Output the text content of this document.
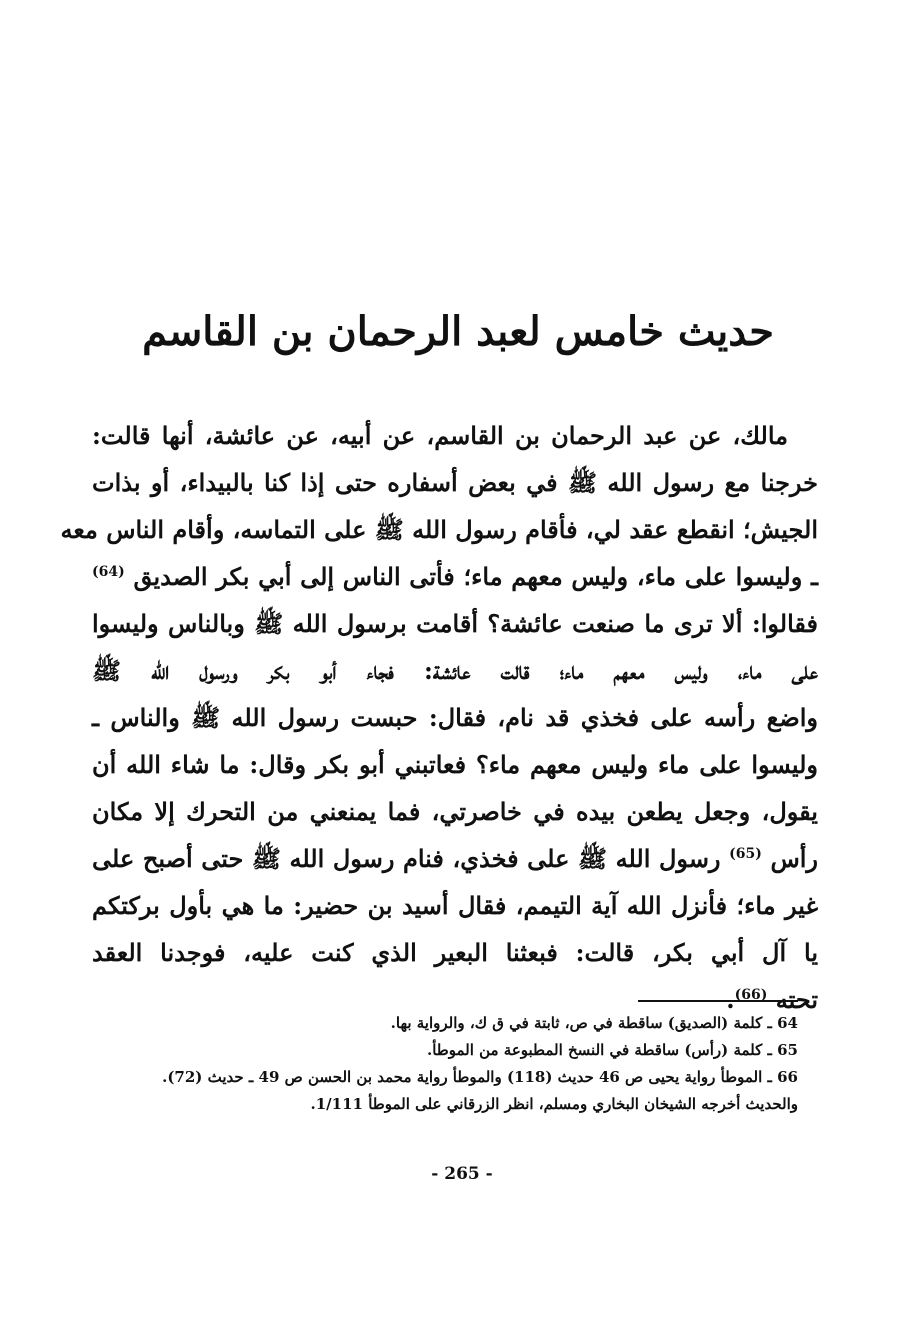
حديث خامس لعبد الرحمان بن القاسم
مالك، عن عبد الرحمان بن القاسم، عن أبيه، عن عائشة، أنها قالت:
خرجنا مع رسول الله ﷺ في بعض أسفاره حتى إذا كنا بالبيداء، أو بذات
الجيش؛ انقطع عقد لي، فأقام رسول الله ﷺ على التماسه، وأقام الناس معه
ـ وليسوا على ماء، وليس معهم ماء؛ فأتى الناس إلى أبي بكر الصديق $^{(64)}$
فقالوا: ألا ترى ما صنعت عائشة؟ أقامت برسول الله ﷺ وبالناس وليسوا
على ماء، وليس معهم ماء؛ قالت عائشة: فجاء أبو بكر ورسول الله ﷺ
واضع رأسه على فخذي قد نام، فقال: حبست رسول الله ﷺ والناس ـ
وليسوا على ماء وليس معهم ماء؟ فعاتبني أبو بكر وقال: ما شاء الله أن
يقول، وجعل يطعن بيده في خاصرتي، فما يمنعني من التحرك إلا مكان
رأس $^{(65)}$ رسول الله ﷺ على فخذي، فنام رسول الله ﷺ حتى أصبح على
غير ماء؛ فأنزل الله آية التيمم، فقال أسيد بن حضير: ما هي بأول بركتكم
يا آل أبي بكر، قالت: فبعثنا البعير الذي كنت عليه، فوجدنا العقد
تحته $^{(66)}$.
64 ـ كلمة (الصديق) ساقطة في ص، ثابتة في ق ك، والرواية بها.
65 ـ كلمة (رأس) ساقطة في النسخ المطبوعة من الموطأ.
66 ـ الموطأ رواية يحيى ص 46 حديث (118) والموطأ رواية محمد بن الحسن ص 49 ـ حديث (72).
والحديث أخرجه الشيخان البخاري ومسلم، انظر الزرقاني على الموطأ 1/111.
- 265 -
